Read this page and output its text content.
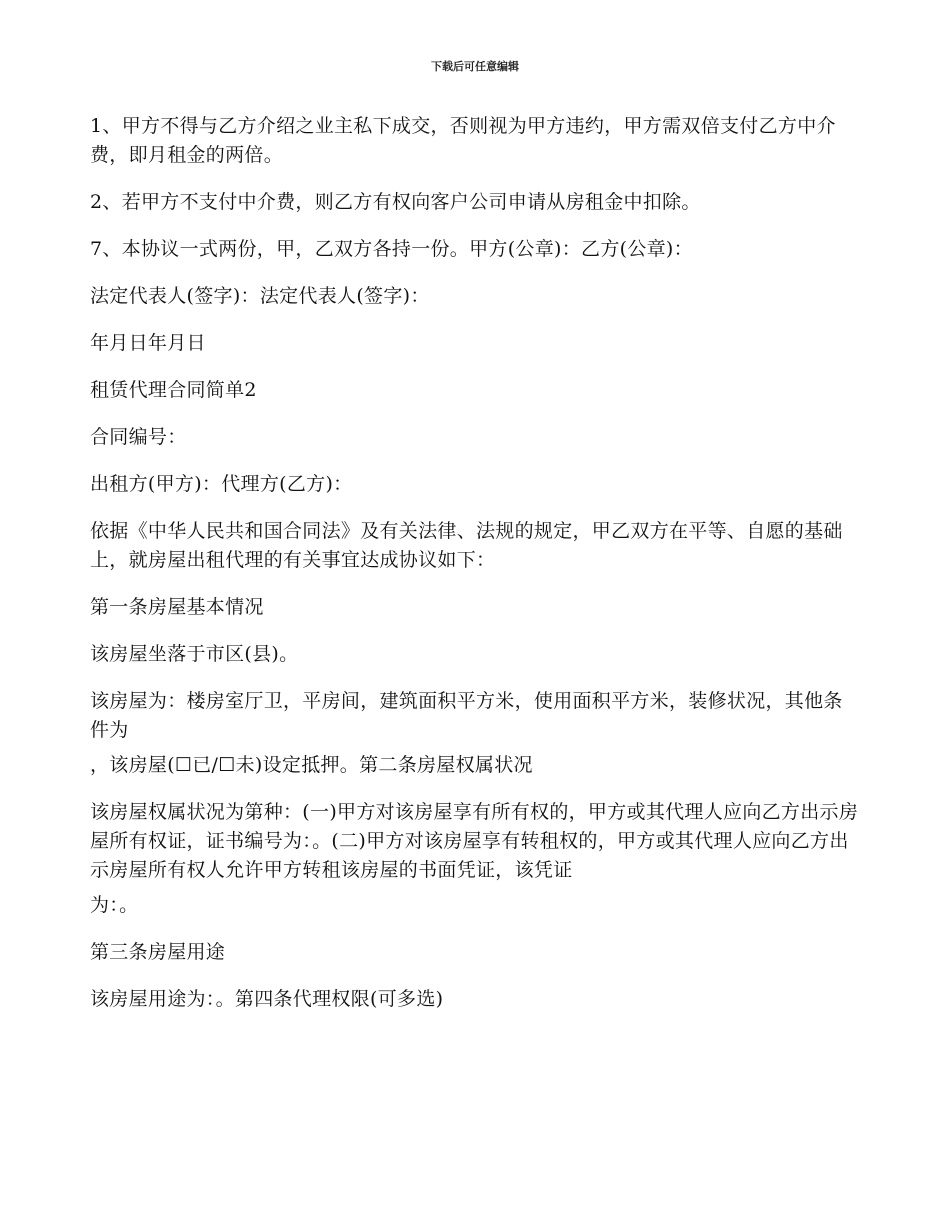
下载后可任意编辑

1、甲方不得与乙方介绍之业主私下成交，否则视为甲方违约，甲方需双倍支付乙方中介费，即月租金的两倍。

2、若甲方不支付中介费，则乙方有权向客户公司申请从房租金中扣除。

7、本协议一式两份，甲，乙双方各持一份。甲方(公章)：乙方(公章)：

法定代表人(签字)：法定代表人(签字)：

年月日年月日

租赁代理合同简单2

合同编号：

出租方(甲方)：代理方(乙方)：

依据《中华人民共和国合同法》及有关法律、法规的规定，甲乙双方在平等、自愿的基础上，就房屋出租代理的有关事宜达成协议如下：

第一条房屋基本情况

该房屋坐落于市区(县)。

该房屋为：楼房室厅卫，平房间，建筑面积平方米，使用面积平方米，装修状况，其他条件为

，该房屋(☐已/☐未)设定抵押。第二条房屋权属状况

该房屋权属状况为第种：(一)甲方对该房屋享有所有权的，甲方或其代理人应向乙方出示房屋所有权证，证书编号为：。(二)甲方对该房屋享有转租权的，甲方或其代理人应向乙方出示房屋所有权人允许甲方转租该房屋的书面凭证，该凭证

为：。

第三条房屋用途

该房屋用途为：。第四条代理权限(可多选)
